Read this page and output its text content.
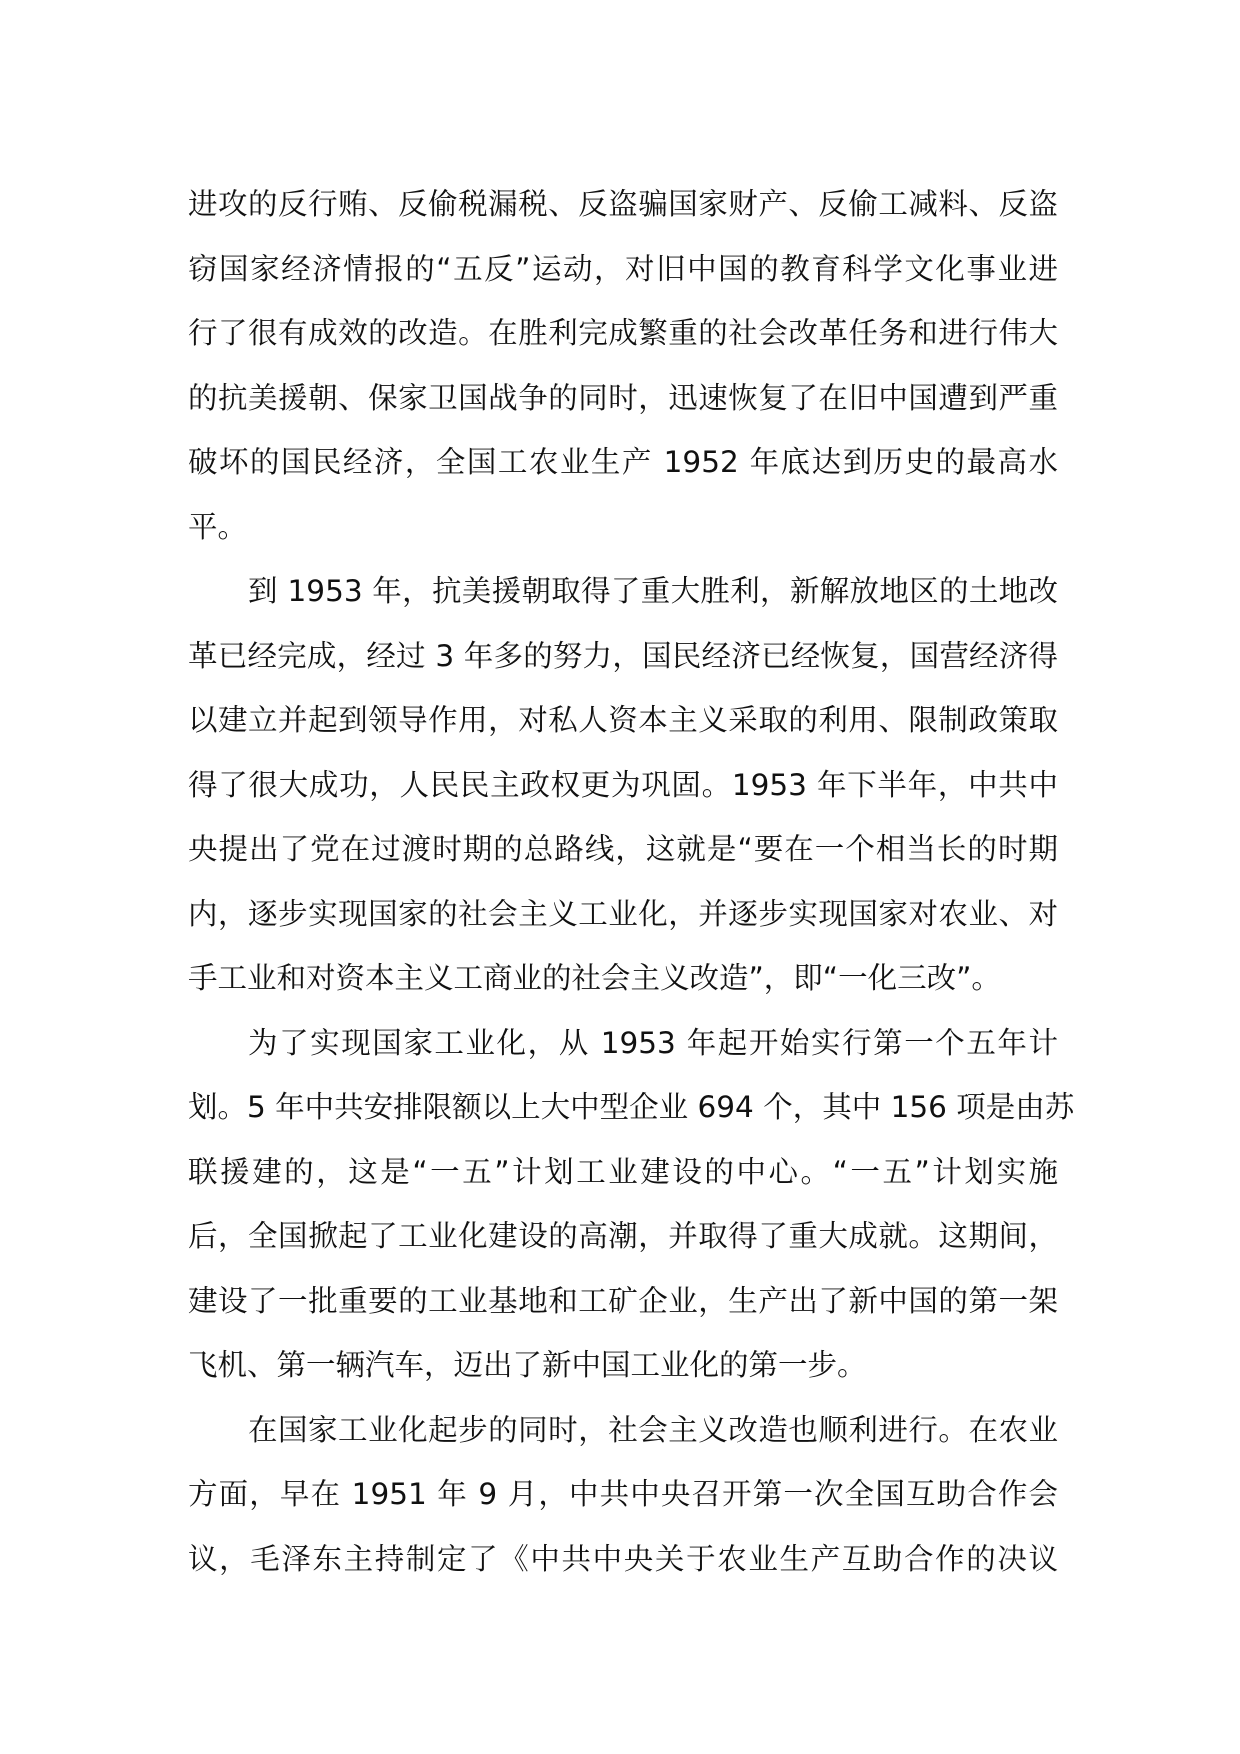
进攻的反行贿、反偷税漏税、反盗骗国家财产、反偷工减料、反盗
窃国家经济情报的“五反”运动，对旧中国的教育科学文化事业进
行了很有成效的改造。在胜利完成繁重的社会改革任务和进行伟大
的抗美援朝、保家卫国战争的同时，迅速恢复了在旧中国遭到严重
破坏的国民经济，全国工农业生产 1952 年底达到历史的最高水
平。
到 1953 年，抗美援朝取得了重大胜利，新解放地区的土地改
革已经完成，经过 3 年多的努力，国民经济已经恢复，国营经济得
以建立并起到领导作用，对私人资本主义采取的利用、限制政策取
得了很大成功，人民民主政权更为巩固。1953 年下半年，中共中
央提出了党在过渡时期的总路线，这就是“要在一个相当长的时期
内，逐步实现国家的社会主义工业化，并逐步实现国家对农业、对
手工业和对资本主义工商业的社会主义改造”，即“一化三改”。
为了实现国家工业化，从 1953 年起开始实行第一个五年计
划。5 年中共安排限额以上大中型企业 694 个，其中 156 项是由苏
联援建的，这是“一五”计划工业建设的中心。“一五”计划实施
后，全国掀起了工业化建设的高潮，并取得了重大成就。这期间，
建设了一批重要的工业基地和工矿企业，生产出了新中国的第一架
飞机、第一辆汽车，迈出了新中国工业化的第一步。
在国家工业化起步的同时，社会主义改造也顺利进行。在农业
方面，早在 1951 年 9 月，中共中央召开第一次全国互助合作会
议，毛泽东主持制定了《中共中央关于农业生产互助合作的决议
